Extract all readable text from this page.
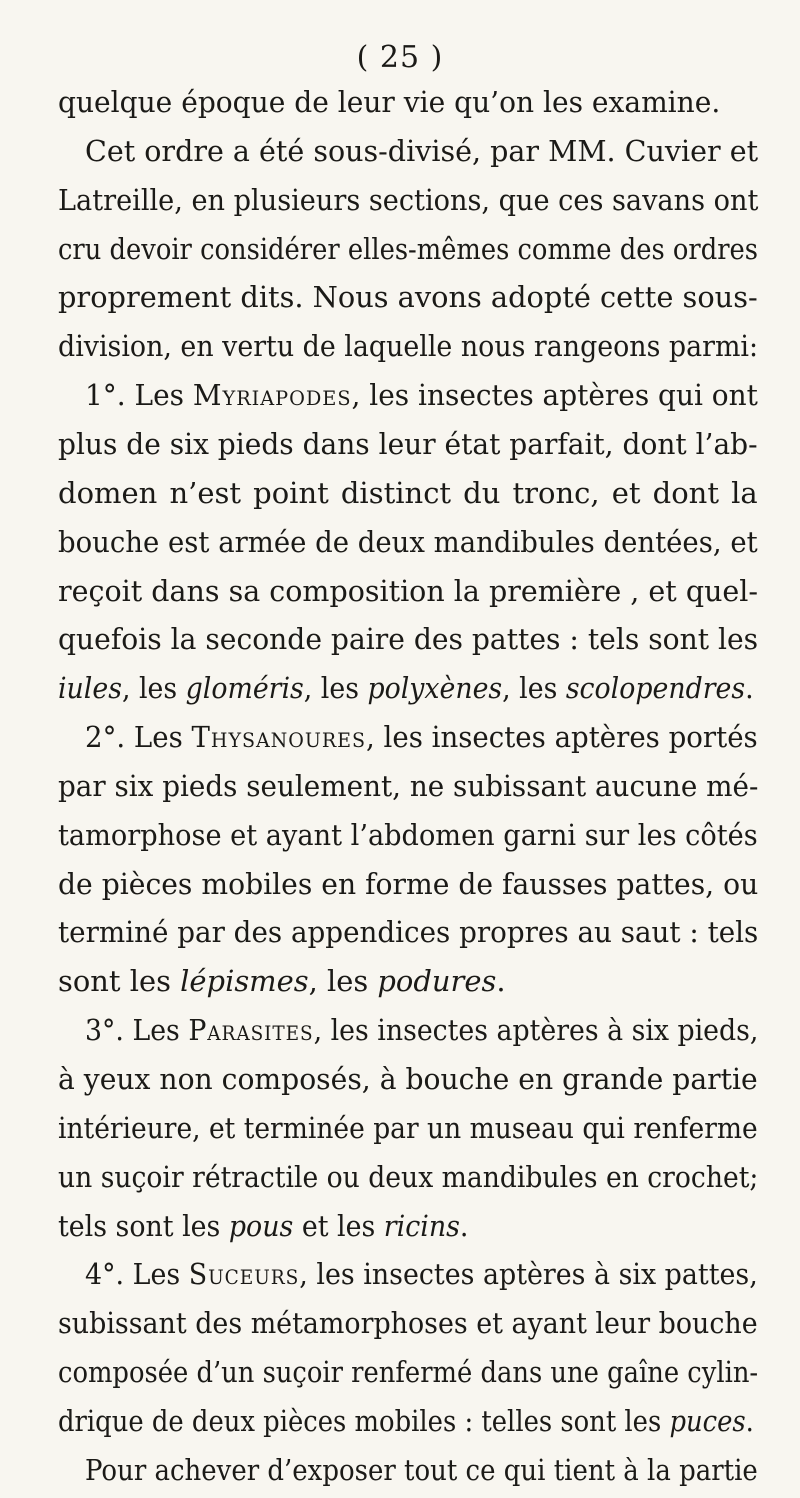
( 25 )
quelque époque de leur vie qu’on les examine.
Cet ordre a été sous-divisé, par MM. Cuvier et
Latreille, en plusieurs sections, que ces savans ont
cru devoir considérer elles-mêmes comme des ordres
proprement dits. Nous avons adopté cette sous-
division, en vertu de laquelle nous rangeons parmi:
1°. Les Myriapodes, les insectes aptères qui ont
plus de six pieds dans leur état parfait, dont l’ab-
domen n’est point distinct du tronc, et dont la
bouche est armée de deux mandibules dentées, et
reçoit dans sa composition la première , et quel-
quefois la seconde paire des pattes : tels sont les
iules, les gloméris, les polyxènes, les scolopendres.
2°. Les Thysanoures, les insectes aptères portés
par six pieds seulement, ne subissant aucune mé-
tamorphose et ayant l’abdomen garni sur les côtés
de pièces mobiles en forme de fausses pattes, ou
terminé par des appendices propres au saut : tels
sont les lépismes, les podures.
3°. Les Parasites, les insectes aptères à six pieds,
à yeux non composés, à bouche en grande partie
intérieure, et terminée par un museau qui renferme
un suçoir rétractile ou deux mandibules en crochet;
tels sont les pous et les ricins.
4°. Les Suceurs, les insectes aptères à six pattes,
subissant des métamorphoses et ayant leur bouche
composée d’un suçoir renfermé dans une gaîne cylin-
drique de deux pièces mobiles : telles sont les puces.
Pour achever d’exposer tout ce qui tient à la partie
